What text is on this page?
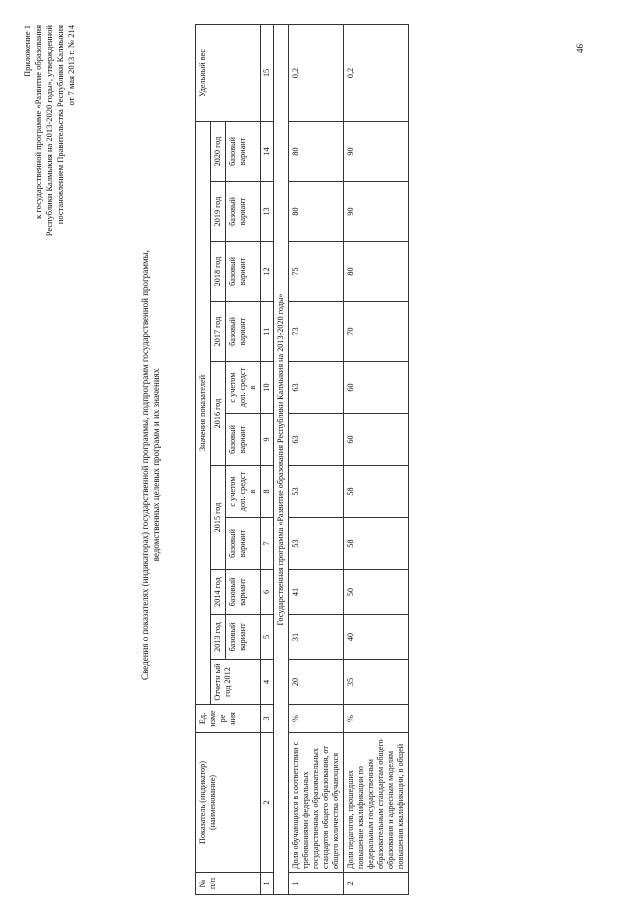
Приложение 1 к государственной программе «Развитие образования Республики Калмыкия на 2013-2020 годы», утвержденной постановлением Правительства Республики Калмыкия от 7 мая 2013 г. № 214
Сведения о показателях (индикаторах) государственной программы, подпрограмм государственной программы, ведомственных целевых программ и их значениях
№ п/п	Показатель (индикатор) (наименование)	Ед. изме ре ния	Значения показателей											Удельный вес
			Отчетн ый год 2012	2013 год	2014 год	2015 год		2016 год		2017 год	2018 год	2019 год	2020 год	
				базовый вариант	базовый вариант	базовый вариант	с учетом доп. средст в	базовый вариант	с учетом доп. средст в	базовый вариант	базовый вариант	базовый вариант	базовый вариант	
1	2	3	4	5	6	7	8	9	10	11	12	13	14	15
Государственная программа «Развитие образования Республики Калмыкия на 2013-2020 годы»														
1	Доля обучающихся в соответствии с требованиями федеральных государственных образовательных стандартов общего образования, от общего количества обучающихся	%	20	31	41	53	53	63	63	73	75	80	80	0,2
2	Доля педагогов, прошедших повышение квалификации по федеральным государственным образовательным стандартам общего образования и адресным моделям повышения квалификации, в общей	%	35	40	50	58	58	60	60	70	80	90	90	0,2
46
